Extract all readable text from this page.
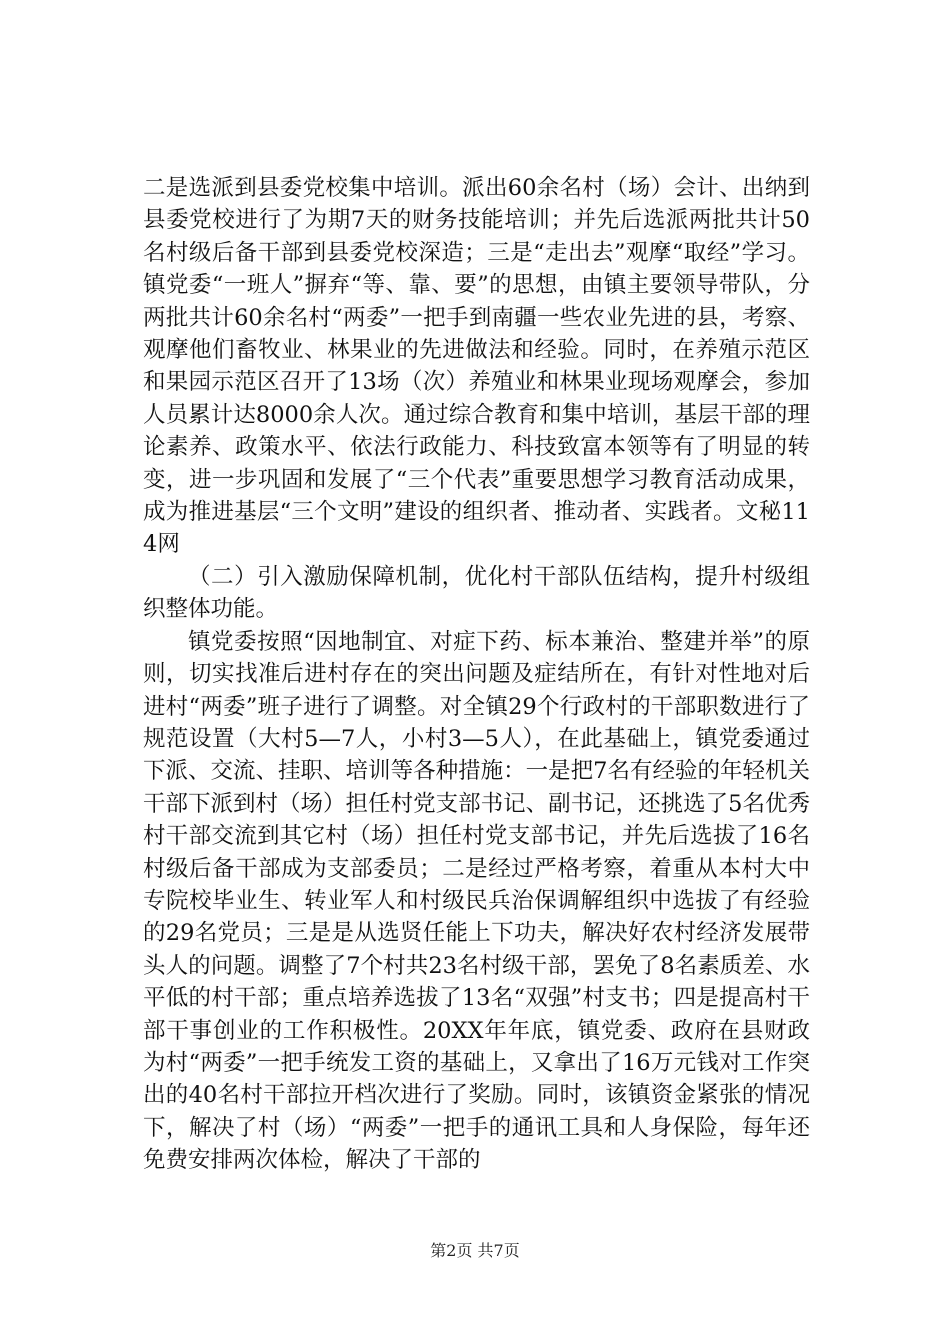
二是选派到县委党校集中培训。派出60余名村（场）会计、出纳到县委党校进行了为期7天的财务技能培训；并先后选派两批共计50名村级后备干部到县委党校深造；三是“走出去”观摩“取经”学习。镇党委“一班人”摒弃“等、靠、要”的思想，由镇主要领导带队，分两批共计60余名村“两委”一把手到南疆一些农业先进的县，考察、观摩他们畜牧业、林果业的先进做法和经验。同时，在养殖示范区和果园示范区召开了13场（次）养殖业和林果业现场观摩会，参加人员累计达8000余人次。通过综合教育和集中培训，基层干部的理论素养、政策水平、依法行政能力、科技致富本领等有了明显的转变，进一步巩固和发展了“三个代表”重要思想学习教育活动成果，成为推进基层“三个文明”建设的组织者、推动者、实践者。文秘114网

（二）引入激励保障机制，优化村干部队伍结构，提升村级组织整体功能。

镇党委按照“因地制宜、对症下药、标本兼治、整建并举”的原则，切实找准后进村存在的突出问题及症结所在，有针对性地对后进村“两委”班子进行了调整。对全镇29个行政村的干部职数进行了规范设置（大村5—7人，小村3—5人），在此基础上，镇党委通过下派、交流、挂职、培训等各种措施：一是把7名有经验的年轻机关干部下派到村（场）担任村党支部书记、副书记，还挑选了5名优秀村干部交流到其它村（场）担任村党支部书记，并先后选拔了16名村级后备干部成为支部委员；二是经过严格考察，着重从本村大中专院校毕业生、转业军人和村级民兵治保调解组织中选拔了有经验的29名党员；三是是从选贤任能上下功夫，解决好农村经济发展带头人的问题。调整了7个村共23名村级干部，罢免了8名素质差、水平低的村干部；重点培养选拔了13名“双强”村支书；四是提高村干部干事创业的工作积极性。20XX年年底，镇党委、政府在县财政为村“两委”一把手统发工资的基础上，又拿出了16万元钱对工作突出的40名村干部拉开档次进行了奖励。同时，该镇资金紧张的情况下，解决了村（场）“两委”一把手的通讯工具和人身保险，每年还免费安排两次体检，解决了干部的

第2页 共7页
